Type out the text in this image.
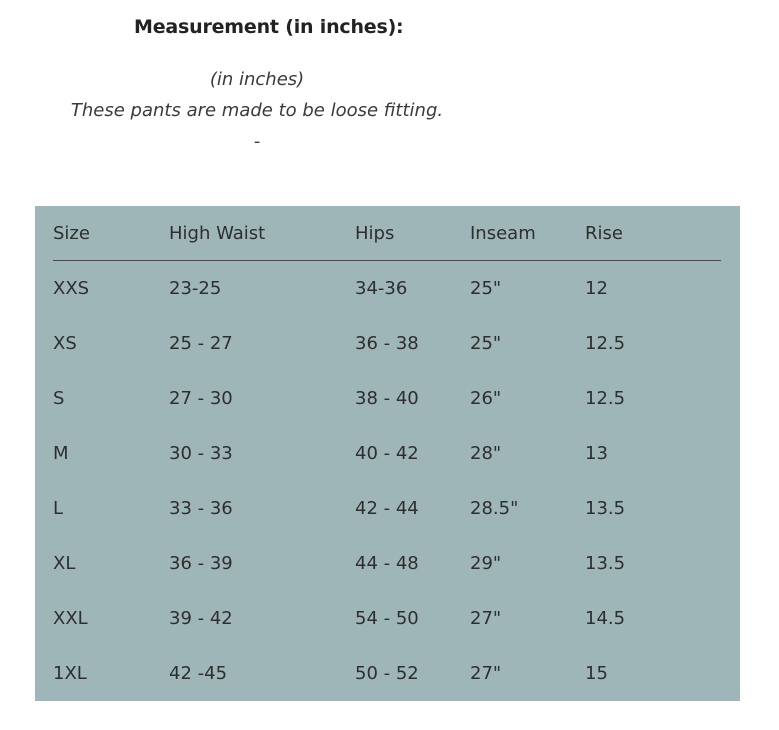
Measurement (in inches):
(in inches)
These pants are made to be loose fitting.
-
Size	High Waist	Hips	Inseam	Rise
XXS	23-25	34-36	25"	12
XS	25 - 27	36 - 38	25"	12.5
S	27 - 30	38 - 40	26"	12.5
M	30 - 33	40 - 42	28"	13
L	33 - 36	42 - 44	28.5"	13.5
XL	36 - 39	44 - 48	29"	13.5
XXL	39 - 42	54 - 50	27"	14.5
1XL	42 -45	50 - 52	27"	15
